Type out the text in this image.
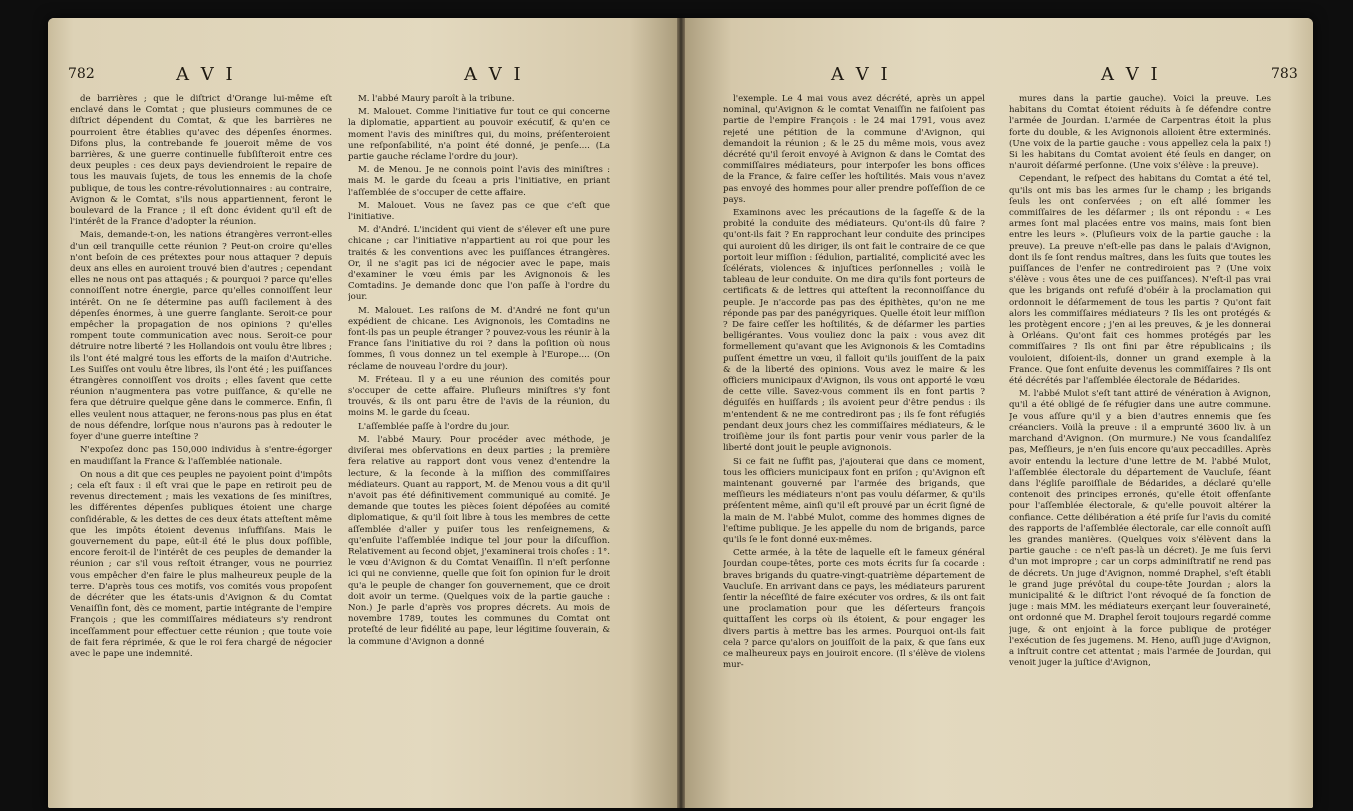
782	A V I	A V I

de barrières ; que le diſtrict d'Orange lui-même eſt enclavé dans le Comtat ; que plusieurs communes de ce diſtrict dépendent du Comtat, & que les barrières ne pourroient être établies qu'avec des dépenſes énormes. Difons plus, la contrebande fe joueroit même de vos barrières, & une guerre continuelle fubſiſteroit entre ces deux peuples : ces deux pays deviendroient le repaire de tous les mauvais ſujets, de tous les ennemis de la choſe publique, de tous les contre-révolutionnaires : au contraire, Avignon & le Comtat, s'ils nous appartiennent, feront le boulevard de la France ; il eſt donc évident qu'il eſt de l'intérêt de la France d'adopter la réunion.

Mais, demande-t-on, les nations étrangères verront-elles d'un œil tranquille cette réunion ? Peut-on croire qu'elles n'ont beſoin de ces prétextes pour nous attaquer ? depuis deux ans elles en auroient trouvé bien d'autres ; cependant elles ne nous ont pas attaqués ; & pourquoi ? parce qu'elles connoiſſent notre énergie, parce qu'elles connoiſſent leur intérêt. On ne ſe détermine pas auſſi facilement à des dépenſes énormes, à une guerre ſanglante. Seroit-ce pour empêcher la propagation de nos opinions ? qu'elles rompent toute communication avec nous. Seroit-ce pour détruire notre liberté ? les Hollandois ont voulu être libres ; ils l'ont été malgré tous les efforts de la maiſon d'Autriche. Les Suiſſes ont voulu être libres, ils l'ont été ; les puiſſances étrangères connoiſſent vos droits ; elles ſavent que cette réunion n'augmentera pas votre puiſſance, & qu'elle ne fera que détruire quelque gêne dans le commerce. Enfin, ſi elles veulent nous attaquer, ne ferons-nous pas plus en état de nous défendre, lorſque nous n'aurons pas à redouter le foyer d'une guerre inteſtine ?

N'expoſez donc pas 150,000 individus à s'entre-égorger en maudiſſant la France & l'aſſemblée nationale.

On nous a dit que ces peuples ne payoient point d'impôts ; cela eſt faux : il eſt vrai que le pape en retiroit peu de revenus directement ; mais les vexations de ſes miniſtres, les différentes dépenſes publiques étoient une charge conſidérable, & les dettes de ces deux états atteſtent même que les impôts étoient devenus inſuffiſans. Mais le gouvernement du pape, eût-il été le plus doux poſſible, encore feroit-il de l'intérêt de ces peuples de demander la réunion ; car s'il vous reſtoit étranger, vous ne pourriez vous empêcher d'en faire le plus malheureux peuple de la terre. D'après tous ces motifs, vos comités vous propoſent de décréter que les états-unis d'Avignon & du Comtat Venaiſſin font, dès ce moment, partie intégrante de l'empire François ; que les commiſſaires médiateurs s'y rendront inceſſamment pour effectuer cette réunion ; que toute voie de fait fera réprimée, & que le roi fera chargé de négocier avec le pape une indemnité.

M. l'abbé Maury paroît à la tribune.

M. Malouet. Comme l'initiative fur tout ce qui concerne la diplomatie, appartient au pouvoir exécutif, & qu'en ce moment l'avis des miniſtres qui, du moins, préſenteroient une reſponſabilité, n'a point été donné, je penſe.... (La partie gauche réclame l'ordre du jour).

M. de Menou. Je ne connois point l'avis des miniſtres : mais M. le garde du ſceau a pris l'initiative, en priant l'aſſemblée de s'occuper de cette affaire.

M. Malouet. Vous ne ſavez pas ce que c'eſt que l'initiative.

M. d'André. L'incident qui vient de s'élever eſt une pure chicane ; car l'initiative n'appartient au roi que pour les traités & les conventions avec les puiſſances étrangères. Or, il ne s'agit pas ici de négocier avec le pape, mais d'examiner le vœu émis par les Avignonois & les Comtadins. Je demande donc que l'on paſſe à l'ordre du jour.

M. Malouet. Les raiſons de M. d'André ne font qu'un expédient de chicane. Les Avignonois, les Comtadins ne font-ils pas un peuple étranger ? pouvez-vous les réunir à la France ſans l'initiative du roi ? dans la poſition où nous ſommes, ſi vous donnez un tel exemple à l'Europe.... (On réclame de nouveau l'ordre du jour).

M. Fréteau. Il y a eu une réunion des comités pour s'occuper de cette affaire. Pluſieurs miniſtres s'y font trouvés, & ils ont paru être de l'avis de la réunion, du moins M. le garde du ſceau.

L'aſſemblée paſſe à l'ordre du jour.

M. l'abbé Maury. Pour procéder avec méthode, je diviſerai mes obſervations en deux parties ; la première fera relative au rapport dont vous venez d'entendre la lecture, & la ſeconde à la miſſion des commiſſaires médiateurs. Quant au rapport, M. de Menou vous a dit qu'il n'avoit pas été définitivement communiqué au comité. Je demande que toutes les pièces ſoient dépoſées au comité diplomatique, & qu'il ſoit libre à tous les membres de cette aſſemblée d'aller y puiſer tous les renſeignemens, & qu'enſuite l'aſſemblée indique tel jour pour la diſcuſſion. Relativement au ſecond objet, j'examinerai trois choſes : 1°. le vœu d'Avignon & du Comtat Venaiſſin. Il n'eſt perſonne ici qui ne convienne, quelle que ſoit ſon opinion fur le droit qu'a le peuple de changer ſon gouvernement, que ce droit doit avoir un terme. (Quelques voix de la partie gauche : Non.) Je parle d'après vos propres décrets. Au mois de novembre 1789, toutes les communes du Comtat ont proteſté de leur fidélité au pape, leur légitime ſouverain, & la commune d'Avignon a donné

A V I	A V I	783

l'exemple. Le 4 mai vous avez décrété, après un appel nominal, qu'Avignon & le comtat Venaiſſin ne faiſoient pas partie de l'empire François : le 24 mai 1791, vous avez rejeté une pétition de la commune d'Avignon, qui demandoit la réunion ; & le 25 du même mois, vous avez décrété qu'il ſeroit envoyé à Avignon & dans le Comtat des commiſſaires médiateurs, pour interpoſer les bons offices de la France, & faire ceſſer les hoſtilités. Mais vous n'avez pas envoyé des hommes pour aller prendre poſſeſſion de ce pays.

Examinons avec les précautions de la ſageſſe & de la probité la conduite des médiateurs. Qu'ont-ils dû faire ? qu'ont-ils fait ? En rapprochant leur conduite des principes qui auroient dû les diriger, ils ont fait le contraire de ce que portoit leur miſſion : ſédulion, partialité, complicité avec les ſcélérats, violences & injuſtices perſonnelles ; voilà le tableau de leur conduite. On me dira qu'ils font porteurs de certificats & de lettres qui atteſtent la reconnoiſſance du peuple. Je n'accorde pas pas des épithètes, qu'on ne me réponde pas par des panégyriques. Quelle étoit leur miſſion ? De faire ceſſer les hoſtilités, & de déſarmer les parties belligérantes. Vous vouliez donc la paix : vous avez dit formellement qu'avant que les Avignonois & les Comtadins puſſent émettre un vœu, il falloit qu'ils jouiſſent de la paix & de la liberté des opinions. Vous avez le maire & les officiers municipaux d'Avignon, ils vous ont apporté le vœu de cette ville. Savez-vous comment ils en font partis ? déguiſés en huiſſards ; ils avoient peur d'être pendus : ils m'entendent & ne me contrediront pas ; ils ſe font réfugiés pendant deux jours chez les commiſſaires médiateurs, & le troiſième jour ils font partis pour venir vous parler de la liberté dont jouit le peuple avignonois.

Si ce fait ne ſuffit pas, j'ajouterai que dans ce moment, tous les officiers municipaux font en priſon ; qu'Avignon eſt maintenant gouverné par l'armée des brigands, que meſſieurs les médiateurs n'ont pas voulu déſarmer, & qu'ils préſentent même, ainſi qu'il eſt prouvé par un écrit ſigné de la main de M. l'abbé Mulot, comme des hommes dignes de l'eſtime publique. Je les appelle du nom de brigands, parce qu'ils ſe le font donné eux-mêmes.

Cette armée, à la tête de laquelle eſt le fameux général Jourdan coupe-têtes, porte ces mots écrits ſur ſa cocarde : braves brigands du quatre-vingt-quatrième département de Vaucluſe. En arrivant dans ce pays, les médiateurs parurent ſentir la néceſſité de faire exécuter vos ordres, & ils ont fait une proclamation pour que les déſerteurs françois quittaſſent les corps où ils étoient, & pour engager les divers partis à mettre bas les armes. Pourquoi ont-ils fait cela ? parce qu'alors on jouiſſoit de la paix, & que ſans eux ce malheureux pays en jouiroit encore. (Il s'élève de violens mur-

mures dans la partie gauche). Voici la preuve. Les habitans du Comtat étoient réduits à ſe défendre contre l'armée de Jourdan. L'armée de Carpentras étoit la plus forte du double, & les Avignonois alloient être exterminés. (Une voix de la partie gauche : vous appellez cela la paix !) Si les habitans du Comtat avoient été ſeuls en danger, on n'auroit déſarmé perſonne. (Une voix s'élève : la preuve).

Cependant, le reſpect des habitans du Comtat a été tel, qu'ils ont mis bas les armes ſur le champ ; les brigands ſeuls les ont conſervées ; on eſt allé ſommer les commiſſaires de les déſarmer ; ils ont répondu : « Les armes ſont mal placées entre vos mains, mais ſont bien entre les leurs ». (Pluſieurs voix de la partie gauche : la preuve). La preuve n'eſt-elle pas dans le palais d'Avignon, dont ils ſe ſont rendus maîtres, dans les ſuits que toutes les puiſſances de l'enfer ne contrediroient pas ? (Une voix s'élève : vous êtes une de ces puiſſances). N'eſt-il pas vrai que les brigands ont refuſé d'obéir à la proclamation qui ordonnoit le déſarmement de tous les partis ? Qu'ont fait alors les commiſſaires médiateurs ? Ils les ont protégés & les protègent encore ; j'en ai les preuves, & je les donnerai à Orléans. Qu'ont fait ces hommes protégés par les commiſſaires ? Ils ont fini par être républicains ; ils vouloient, diſoient-ils, donner un grand exemple à la France. Que ſont enſuite devenus les commiſſaires ? Ils ont été décrétés par l'aſſemblée électorale de Bédarides.

M. l'abbé Mulot s'eſt tant attiré de vénération à Avignon, qu'il a été obligé de ſe réfugier dans une autre commune. Je vous aſſure qu'il y a bien d'autres ennemis que ſes créanciers. Voilà la preuve : il a emprunté 3600 liv. à un marchand d'Avignon. (On murmure.) Ne vous ſcandaliſez pas, Meſſieurs, je n'en ſuis encore qu'aux peccadilles. Après avoir entendu la lecture d'une lettre de M. l'abbé Mulot, l'aſſemblée électorale du département de Vaucluſe, ſéant dans l'égliſe paroiſſiale de Bédarides, a déclaré qu'elle contenoit des principes erronés, qu'elle étoit offenſante pour l'aſſemblée électorale, & qu'elle pouvoit altérer la confiance. Cette délibération a été priſe ſur l'avis du comité des rapports de l'aſſemblée électorale, car elle connoît auſſi les grandes manières. (Quelques voix s'élèvent dans la partie gauche : ce n'eſt pas-là un décret). Je me ſuis ſervi d'un mot impropre ; car un corps adminiſtratif ne rend pas de décrets. Un juge d'Avignon, nommé Draphel, s'eſt établi le grand juge prévôtal du coupe-tête Jourdan ; alors la municipalité & le diſtrict l'ont révoqué de ſa fonction de juge : mais MM. les médiateurs exerçant leur ſouveraineté, ont ordonné que M. Draphel ſeroit toujours regardé comme juge, & ont enjoint à la force publique de protéger l'exécution de ſes jugemens. M. Heno, auſſi juge d'Avignon, a inſtruit contre cet attentat ; mais l'armée de Jourdan, qui venoit juger la juſtice d'Avignon,
